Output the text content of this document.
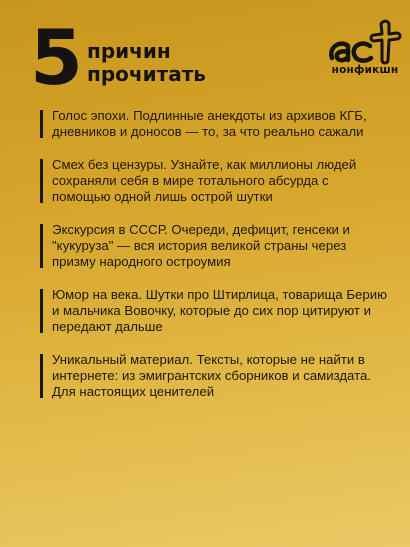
5 причин
прочитать	нонфикшн

Голос эпохи. Подлинные анекдоты из архивов КГБ, дневников и доносов — то, за что реально сажали

Смех без цензуры. Узнайте, как миллионы людей сохраняли себя в мире тотального абсурда с помощью одной лишь острой шутки

Экскурсия в СССР. Очереди, дефицит, генсеки и "кукуруза" — вся история великой страны через призму народного остроумия

Юмор на века. Шутки про Штирлица, товарища Берию и мальчика Вовочку, которые до сих пор цитируют и передают дальше

Уникальный материал. Тексты, которые не найти в интернете: из эмигрантских сборников и самиздата. Для настоящих ценителей
